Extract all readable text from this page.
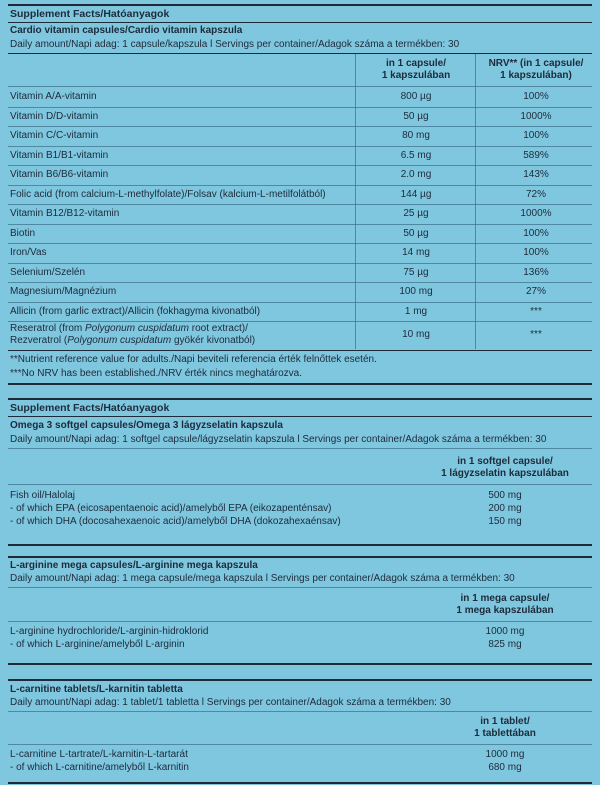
Supplement Facts/Hatóanyagok
Cardio vitamin capsules/Cardio vitamin kapszula
Daily amount/Napi adag: 1 capsule/kapszula l Servings per container/Adagok száma a termékben: 30
in 1 capsule/
1 kapszulában
NRV** (in 1 capsule/
1 kapszulában)
Vitamin A/A-vitamin	800 µg	100%
Vitamin D/D-vitamin	50 µg	1000%
Vitamin C/C-vitamin	80 mg	100%
Vitamin B1/B1-vitamin	6.5 mg	589%
Vitamin B6/B6-vitamin	2.0 mg	143%
Folic acid (from calcium-L-methylfolate)/Folsav (kalcium-L-metilfolátból)	144 µg	72%
Vitamin B12/B12-vitamin	25 µg	1000%
Biotin	50 µg	100%
Iron/Vas	14 mg	100%
Selenium/Szelén	75 µg	136%
Magnesium/Magnézium	100 mg	27%
Allicin (from garlic extract)/Allicin (fokhagyma kivonatból)	1 mg	***
Reseratrol (from Polygonum cuspidatum root extract)/
Rezveratrol (Polygonum cuspidatum gyökér kivonatból)
10 mg	***
**Nutrient reference value for adults./Napi beviteli referencia érték felnőttek esetén.
***No NRV has been established./NRV érték nincs meghatározva.
Supplement Facts/Hatóanyagok
Omega 3 softgel capsules/Omega 3 lágyzselatin kapszula
Daily amount/Napi adag: 1 softgel capsule/lágyzselatin kapszula l Servings per container/Adagok száma a termékben: 30
in 1 softgel capsule/
1 lágyzselatin kapszulában
Fish oil/Halolaj	500 mg
- of which EPA (eicosapentaenoic acid)/amelyből EPA (eikozapenténsav)	200 mg
- of which DHA (docosahexaenoic acid)/amelyből DHA (dokozahexaénsav)	150 mg
L-arginine mega capsules/L-arginine mega kapszula
Daily amount/Napi adag: 1 mega capsule/mega kapszula l Servings per container/Adagok száma a termékben: 30
in 1 mega capsule/
1 mega kapszulában
L-arginine hydrochloride/L-arginin-hidroklorid	1000 mg
- of which L-arginine/amelyből L-arginin	825 mg
L-carnitine tablets/L-karnitin tabletta
Daily amount/Napi adag: 1 tablet/1 tabletta l Servings per container/Adagok száma a termékben: 30
in 1 tablet/
1 tablettában
L-carnitine L-tartrate/L-karnitin-L-tartarát	1000 mg
- of which L-carnitine/amelyből L-karnitin	680 mg
